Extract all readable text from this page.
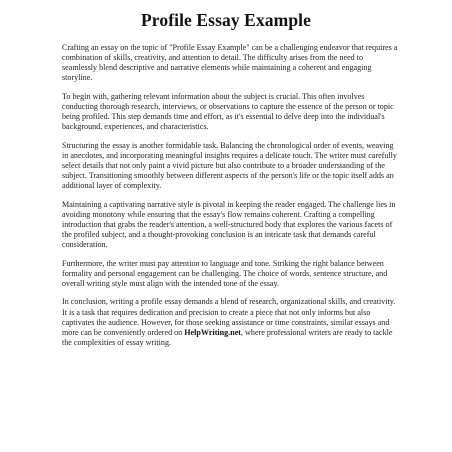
Profile Essay Example

Crafting an essay on the topic of "Profile Essay Example" can be a challenging endeavor that requires a combination of skills, creativity, and attention to detail. The difficulty arises from the need to seamlessly blend descriptive and narrative elements while maintaining a coherent and engaging storyline.

To begin with, gathering relevant information about the subject is crucial. This often involves conducting thorough research, interviews, or observations to capture the essence of the person or topic being profiled. This step demands time and effort, as it's essential to delve deep into the individual's background, experiences, and characteristics.

Structuring the essay is another formidable task. Balancing the chronological order of events, weaving in anecdotes, and incorporating meaningful insights requires a delicate touch. The writer must carefully select details that not only paint a vivid picture but also contribute to a broader understanding of the subject. Transitioning smoothly between different aspects of the person's life or the topic itself adds an additional layer of complexity.

Maintaining a captivating narrative style is pivotal in keeping the reader engaged. The challenge lies in avoiding monotony while ensuring that the essay's flow remains coherent. Crafting a compelling introduction that grabs the reader's attention, a well-structured body that explores the various facets of the profiled subject, and a thought-provoking conclusion is an intricate task that demands careful consideration.

Furthermore, the writer must pay attention to language and tone. Striking the right balance between formality and personal engagement can be challenging. The choice of words, sentence structure, and overall writing style must align with the intended tone of the essay.

In conclusion, writing a profile essay demands a blend of research, organizational skills, and creativity. It is a task that requires dedication and precision to create a piece that not only informs but also captivates the audience. However, for those seeking assistance or time constraints, similar essays and more can be conveniently ordered on HelpWriting.net, where professional writers are ready to tackle the complexities of essay writing.
